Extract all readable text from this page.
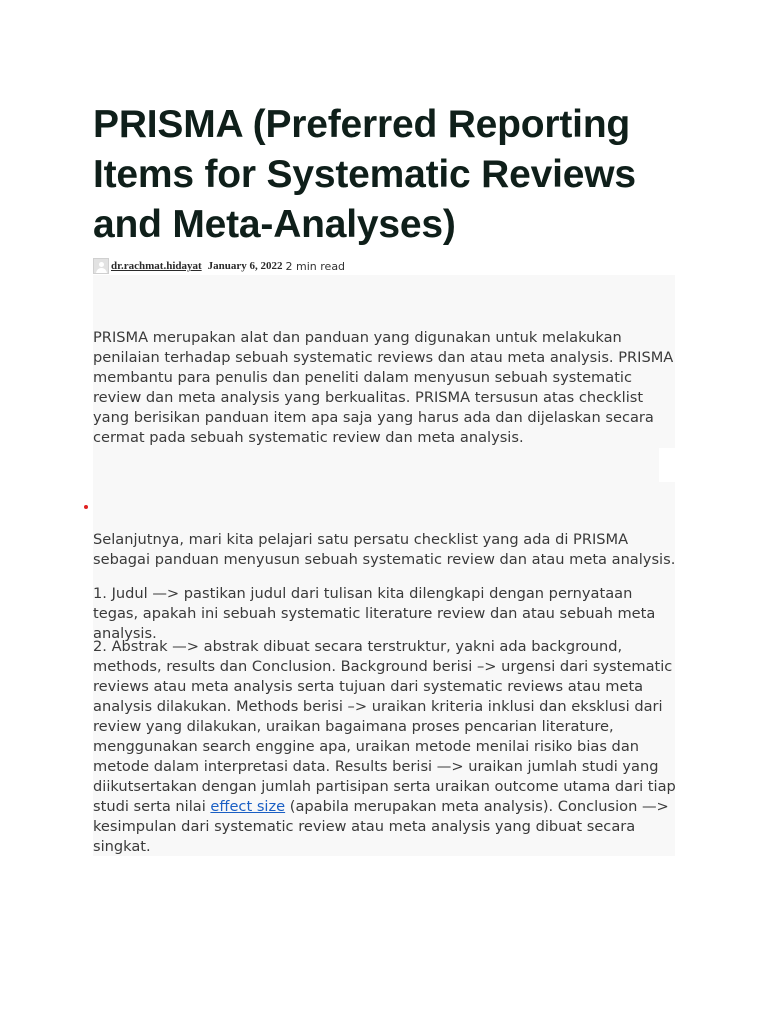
PRISMA (Preferred Reporting Items for Systematic Reviews and Meta-Analyses)
dr.rachmat.hidayat January 6, 2022 2 min read

PRISMA merupakan alat dan panduan yang digunakan untuk melakukan penilaian terhadap sebuah systematic reviews dan atau meta analysis. PRISMA membantu para penulis dan peneliti dalam menyusun sebuah systematic review dan meta analysis yang berkualitas. PRISMA tersusun atas checklist yang berisikan panduan item apa saja yang harus ada dan dijelaskan secara cermat pada sebuah systematic review dan meta analysis.

Selanjutnya, mari kita pelajari satu persatu checklist yang ada di PRISMA sebagai panduan menyusun sebuah systematic review dan atau meta analysis.

1. Judul —> pastikan judul dari tulisan kita dilengkapi dengan pernyataan tegas, apakah ini sebuah systematic literature review dan atau sebuah meta analysis.

2. Abstrak —> abstrak dibuat secara terstruktur, yakni ada background, methods, results dan Conclusion. Background berisi –> urgensi dari systematic reviews atau meta analysis serta tujuan dari systematic reviews atau meta analysis dilakukan. Methods berisi –> uraikan kriteria inklusi dan eksklusi dari review yang dilakukan, uraikan bagaimana proses pencarian literature, menggunakan search enggine apa, uraikan metode menilai risiko bias dan metode dalam interpretasi data. Results berisi —> uraikan jumlah studi yang diikutsertakan dengan jumlah partisipan serta uraikan outcome utama dari tiap studi serta nilai effect size (apabila merupakan meta analysis). Conclusion —> kesimpulan dari systematic review atau meta analysis yang dibuat secara singkat.
